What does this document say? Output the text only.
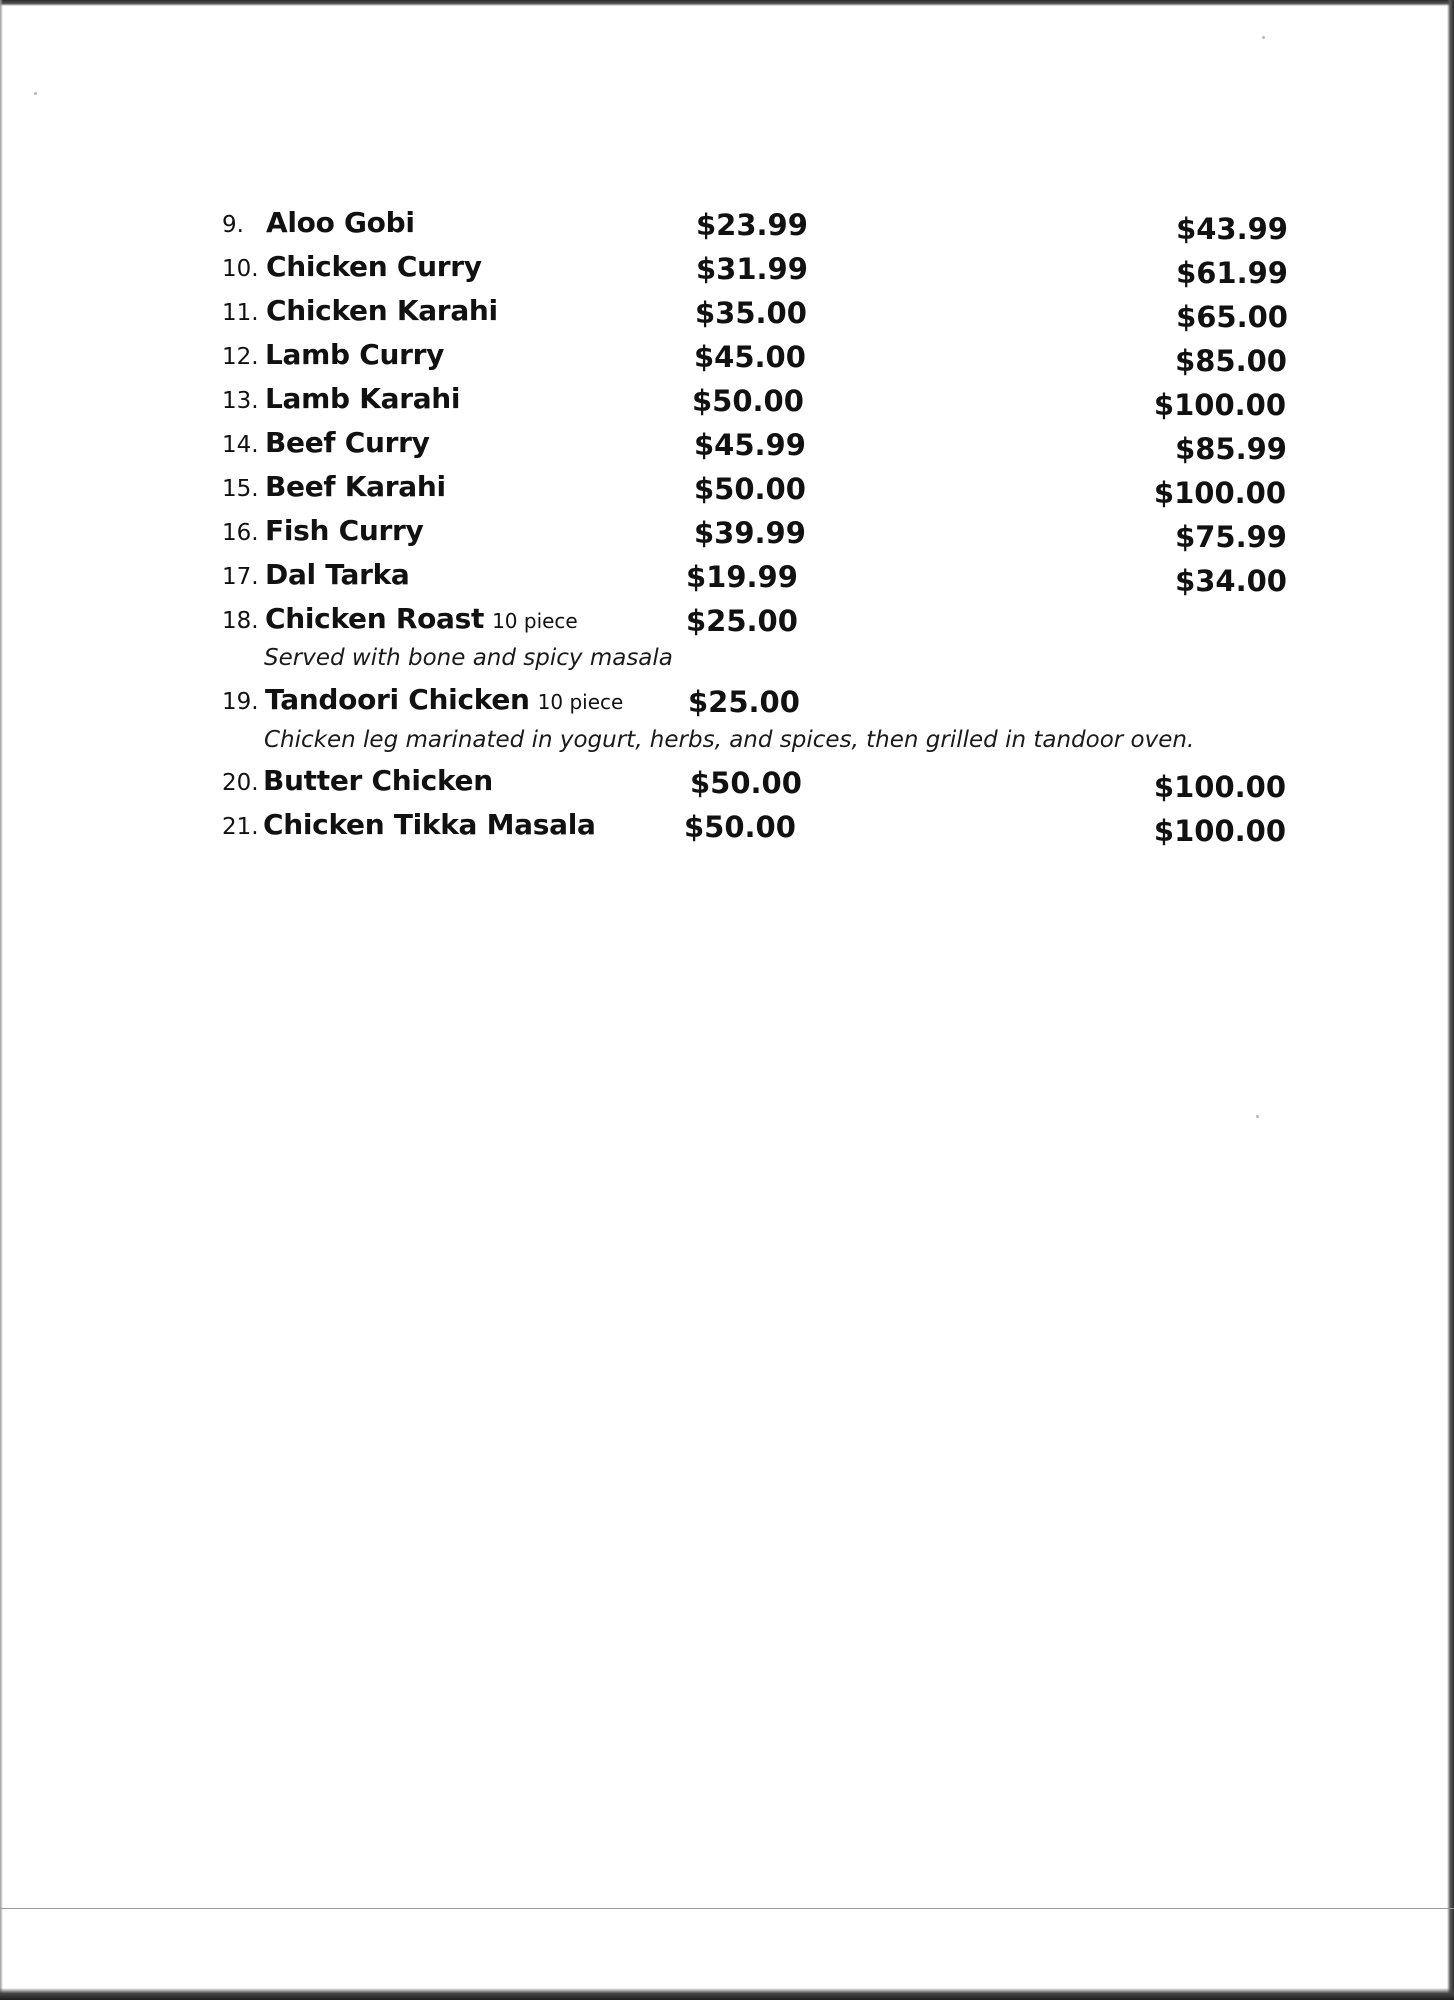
9. Aloo Gobi	$23.99	$43.99
10. Chicken Curry	$31.99	$61.99
11. Chicken Karahi	$35.00	$65.00
12. Lamb Curry	$45.00	$85.00
13. Lamb Karahi	$50.00	$100.00
14. Beef Curry	$45.99	$85.99
15. Beef Karahi	$50.00	$100.00
16. Fish Curry	$39.99	$75.99
17. Dal Tarka	$19.99	$34.00
18. Chicken Roast 10 piece	$25.00
Served with bone and spicy masala
19. Tandoori Chicken 10 piece $25.00
Chicken leg marinated in yogurt, herbs, and spices, then grilled in tandoor oven.
20. Butter Chicken	$50.00	$100.00
21. Chicken Tikka Masala	$50.00	$100.00
